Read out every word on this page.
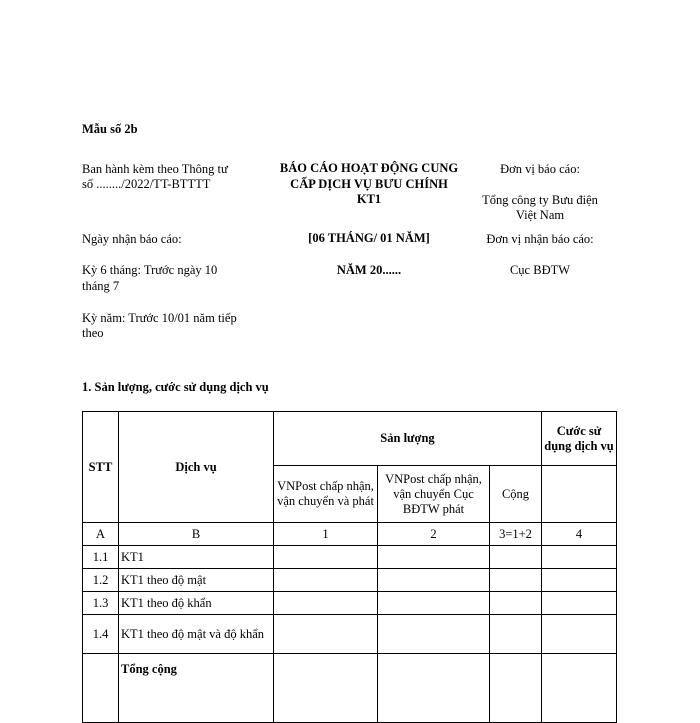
Mẫu số 2b
Ban hành kèm theo Thông tư
số ......../2022/TT-BTTTT
BÁO CÁO HOẠT ĐỘNG CUNG
CẤP DỊCH VỤ BƯU CHÍNH
KT1
Đơn vị báo cáo:
Tổng công ty Bưu điện
Việt Nam
Ngày nhận báo cáo:	[06 THÁNG/ 01 NĂM]	Đơn vị nhận báo cáo:
Kỳ 6 tháng: Trước ngày 10
tháng 7
NĂM 20......	Cục BĐTW
Kỳ năm: Trước 10/01 năm tiếp
theo
1. Sản lượng, cước sử dụng dịch vụ
STT	Dịch vụ	Sản lượng			Cước sử dụng dịch vụ
		VNPost chấp nhận, vận chuyển và phát	VNPost chấp nhận, vận chuyển Cục BĐTW phát	Cộng	
A	B	1	2	3=1+2	4
1.1	KT1				
1.2	KT1 theo độ mật				
1.3	KT1 theo độ khẩn				
1.4	KT1 theo độ mật và độ khẩn				
	Tổng cộng				
